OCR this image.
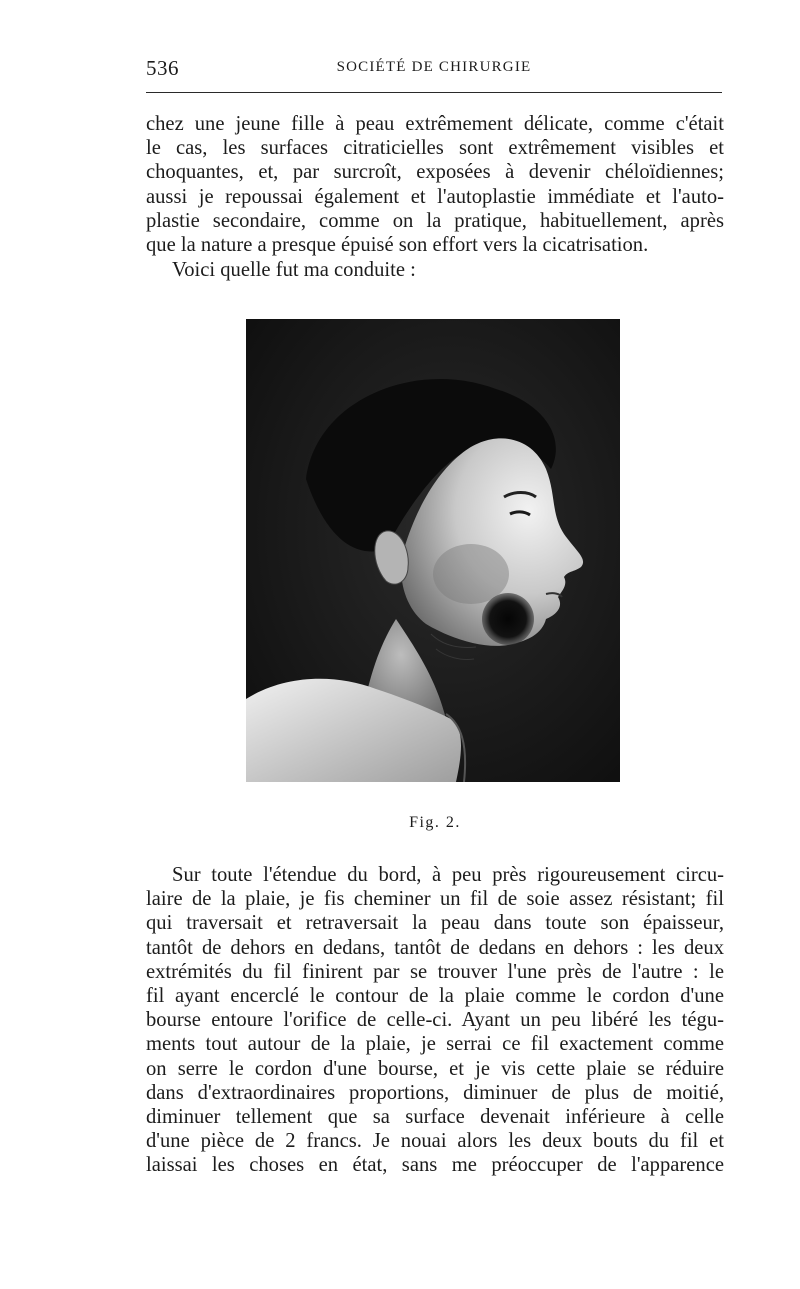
536	SOCIÉTÉ DE CHIRURGIE
chez une jeune fille à peau extrêmement délicate, comme c'était
le cas, les surfaces citraticielles sont extrêmement visibles et
choquantes, et, par surcroît, exposées à devenir chéloïdiennes;
aussi je repoussai également et l'autoplastie immédiate et l'auto-
plastie secondaire, comme on la pratique, habituellement, après
que la nature a presque épuisé son effort vers la cicatrisation.
Voici quelle fut ma conduite :
Fig. 2.
Sur toute l'étendue du bord, à peu près rigoureusement circu-
laire de la plaie, je fis cheminer un fil de soie assez résistant; fil
qui traversait et retraversait la peau dans toute son épaisseur,
tantôt de dehors en dedans, tantôt de dedans en dehors : les deux
extrémités du fil finirent par se trouver l'une près de l'autre : le
fil ayant encerclé le contour de la plaie comme le cordon d'une
bourse entoure l'orifice de celle-ci. Ayant un peu libéré les tégu-
ments tout autour de la plaie, je serrai ce fil exactement comme
on serre le cordon d'une bourse, et je vis cette plaie se réduire
dans d'extraordinaires proportions, diminuer de plus de moitié,
diminuer tellement que sa surface devenait inférieure à celle
d'une pièce de 2 francs. Je nouai alors les deux bouts du fil et
laissai les choses en état, sans me préoccuper de l'apparence
